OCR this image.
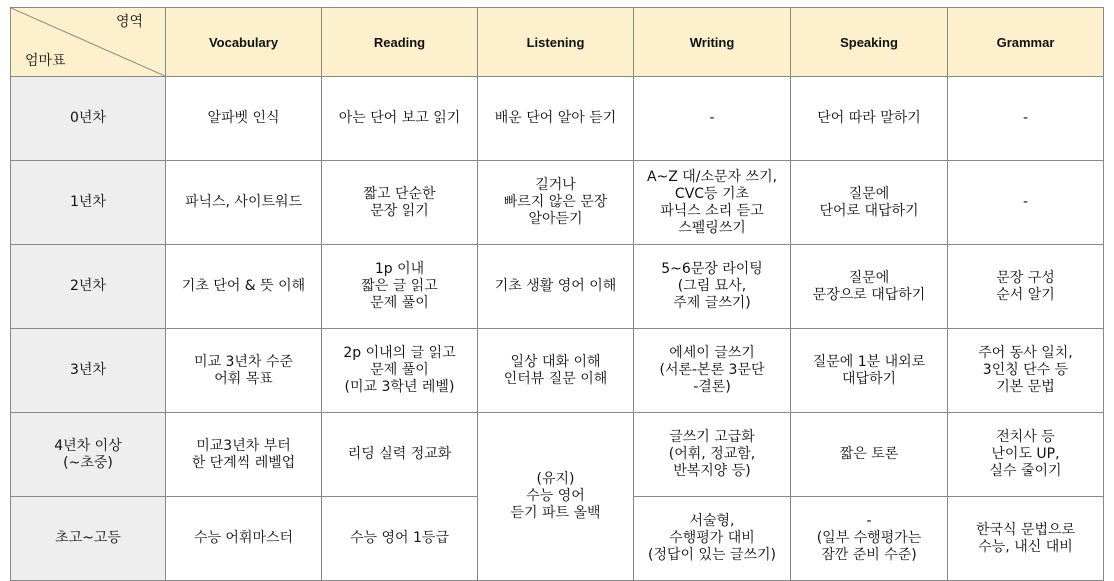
영역

엄마표	Vocabulary	Reading	Listening	Writing	Speaking	Grammar
0년차	알파벳 인식	아는 단어 보고 읽기	배운 단어 알아 듣기	-	단어 따라 말하기	-
1년차	파닉스, 사이트워드	짧고 단순한
문장 읽기	길거나
빠르지 않은 문장
알아듣기	A~Z 대/소문자 쓰기,
CVC등 기초
파닉스 소리 듣고
스펠링쓰기	질문에
단어로 대답하기	-
2년차	기초 단어 & 뜻 이해	1p 이내
짧은 글 읽고
문제 풀이	기초 생활 영어 이해	5~6문장 라이팅
(그림 묘사,
주제 글쓰기)	질문에
문장으로 대답하기	문장 구성
순서 알기
3년차	미교 3년차 수준
어휘 목표	2p 이내의 글 읽고
문제 풀이
(미교 3학년 레벨)	일상 대화 이해
인터뷰 질문 이해	에세이 글쓰기
(서론-본론 3문단
-결론)	질문에 1분 내외로
대답하기	주어 동사 일치,
3인칭 단수 등
기본 문법
4년차 이상
(~초중)	미교3년차 부터
한 단계씩 레벨업	리딩 실력 정교화	(유지)
수능 영어
듣기 파트 올백	글쓰기 고급화
(어휘, 정교함,
반복지양 등)	짧은 토론	전치사 등
난이도 UP,
실수 줄이기
초고~고등	수능 어휘마스터	수능 영어 1등급		서술형,
수행평가 대비
(정답이 있는 글쓰기)	-
(일부 수행평가는
잠깐 준비 수준)	한국식 문법으로
수능, 내신 대비
